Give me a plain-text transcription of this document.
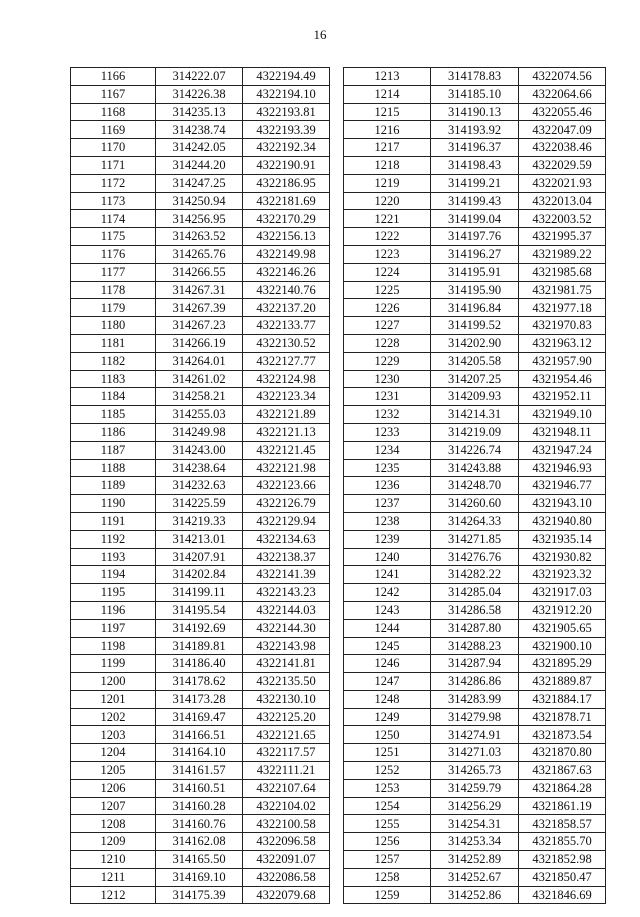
16
1166	314222.07	4322194.49
1167	314226.38	4322194.10
1168	314235.13	4322193.81
1169	314238.74	4322193.39
1170	314242.05	4322192.34
1171	314244.20	4322190.91
1172	314247.25	4322186.95
1173	314250.94	4322181.69
1174	314256.95	4322170.29
1175	314263.52	4322156.13
1176	314265.76	4322149.98
1177	314266.55	4322146.26
1178	314267.31	4322140.76
1179	314267.39	4322137.20
1180	314267.23	4322133.77
1181	314266.19	4322130.52
1182	314264.01	4322127.77
1183	314261.02	4322124.98
1184	314258.21	4322123.34
1185	314255.03	4322121.89
1186	314249.98	4322121.13
1187	314243.00	4322121.45
1188	314238.64	4322121.98
1189	314232.63	4322123.66
1190	314225.59	4322126.79
1191	314219.33	4322129.94
1192	314213.01	4322134.63
1193	314207.91	4322138.37
1194	314202.84	4322141.39
1195	314199.11	4322143.23
1196	314195.54	4322144.03
1197	314192.69	4322144.30
1198	314189.81	4322143.98
1199	314186.40	4322141.81
1200	314178.62	4322135.50
1201	314173.28	4322130.10
1202	314169.47	4322125.20
1203	314166.51	4322121.65
1204	314164.10	4322117.57
1205	314161.57	4322111.21
1206	314160.51	4322107.64
1207	314160.28	4322104.02
1208	314160.76	4322100.58
1209	314162.08	4322096.58
1210	314165.50	4322091.07
1211	314169.10	4322086.58
1212	314175.39	4322079.68
1213	314178.83	4322074.56
1214	314185.10	4322064.66
1215	314190.13	4322055.46
1216	314193.92	4322047.09
1217	314196.37	4322038.46
1218	314198.43	4322029.59
1219	314199.21	4322021.93
1220	314199.43	4322013.04
1221	314199.04	4322003.52
1222	314197.76	4321995.37
1223	314196.27	4321989.22
1224	314195.91	4321985.68
1225	314195.90	4321981.75
1226	314196.84	4321977.18
1227	314199.52	4321970.83
1228	314202.90	4321963.12
1229	314205.58	4321957.90
1230	314207.25	4321954.46
1231	314209.93	4321952.11
1232	314214.31	4321949.10
1233	314219.09	4321948.11
1234	314226.74	4321947.24
1235	314243.88	4321946.93
1236	314248.70	4321946.77
1237	314260.60	4321943.10
1238	314264.33	4321940.80
1239	314271.85	4321935.14
1240	314276.76	4321930.82
1241	314282.22	4321923.32
1242	314285.04	4321917.03
1243	314286.58	4321912.20
1244	314287.80	4321905.65
1245	314288.23	4321900.10
1246	314287.94	4321895.29
1247	314286.86	4321889.87
1248	314283.99	4321884.17
1249	314279.98	4321878.71
1250	314274.91	4321873.54
1251	314271.03	4321870.80
1252	314265.73	4321867.63
1253	314259.79	4321864.28
1254	314256.29	4321861.19
1255	314254.31	4321858.57
1256	314253.34	4321855.70
1257	314252.89	4321852.98
1258	314252.67	4321850.47
1259	314252.86	4321846.69
